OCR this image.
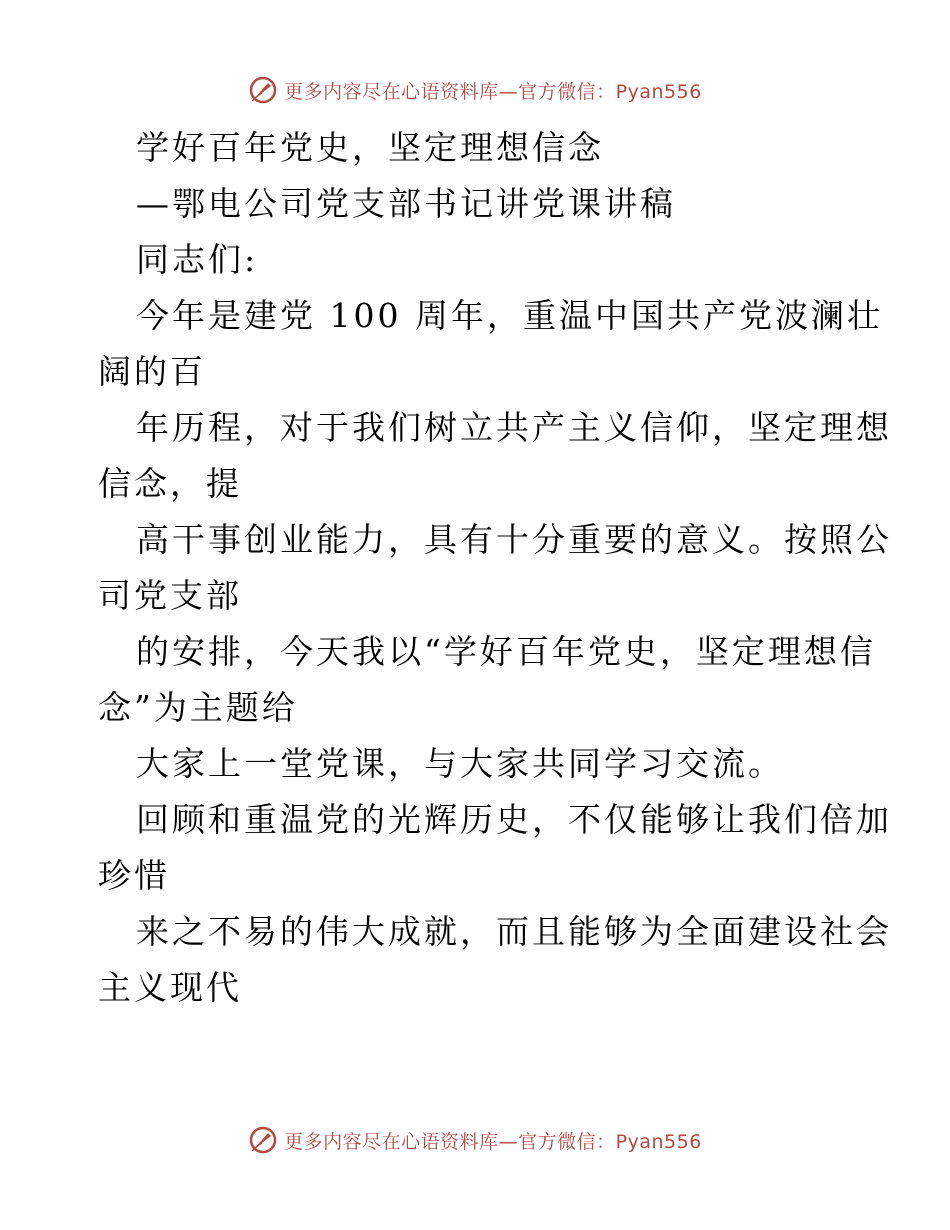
更多内容尽在心语资料库—官方微信：Pyan556
学好百年党史，坚定理想信念
—鄂电公司党支部书记讲党课讲稿
同志们:
今年是建党 100 周年，重温中国共产党波澜壮
阔的百
年历程，对于我们树立共产主义信仰，坚定理想
信念，提
高干事创业能力，具有十分重要的意义。按照公
司党支部
的安排，今天我以“学好百年党史，坚定理想信
念”为主题给
大家上一堂党课，与大家共同学习交流。
回顾和重温党的光辉历史，不仅能够让我们倍加
珍惜
来之不易的伟大成就，而且能够为全面建设社会
主义现代
更多内容尽在心语资料库—官方微信：Pyan556
